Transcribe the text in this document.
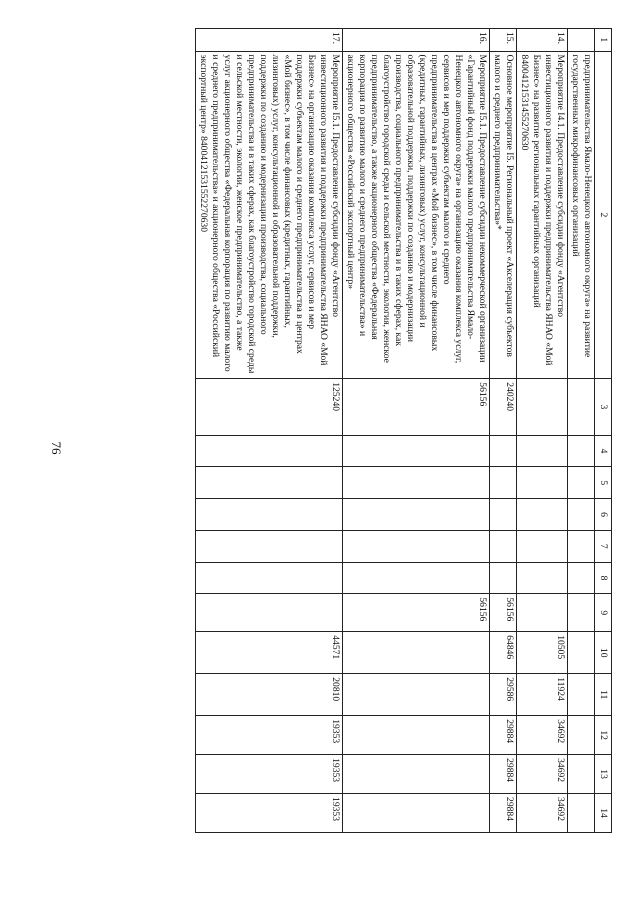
76
1	2	3	4	5	6	7	8	9	10	11	12	13	14
	предпринимательства Ямало-Ненецкого автономного округа» на развитие государственных микрофинансовых организаций												
14.	Мероприятие I4.1. Предоставление субсидии фонду «Агентство инвестиционного развития и поддержки предпринимательства ЯНАО «Мой Бизнес» на развитие региональных гарантийных организаций 84004121531455270630								10505	11924	34692	34692	34692
15.	Основное мероприятие I5. Региональный проект «Акселерация субъектов малого и среднего предпринимательства»*	240240						56156	64846	29586	29884	29884	29884
16.	Мероприятие I5.1. Предоставление субсидии некоммерческой организации «Гарантийный фонд поддержки малого предпринимательства Ямало-Ненецкого автономного округа» на организацию оказания комплекса услуг, сервисов и мер поддержки субъектам малого и среднего предпринимательства в центрах «Мой бизнес», в том числе финансовых (кредитных, гарантийных, лизинговых) услуг, консультационной и образовательной поддержки, поддержки по созданию и модернизации производства, социального предпринимательства и в таких сферах, как благоустройство городской среды и сельской местности, экология, женское предпринимательство, а также акционерного общества «Федеральная корпорация по развитию малого и среднего предпринимательства» и акционерного общества «Российский экспортный центр»	56156						56156					
17.	Мероприятие I5.1. Предоставление субсидии фонду «Агентство инвестиционного развития и поддержки предпринимательства ЯНАО «Мой Бизнес» на организацию оказания комплекса услуг, сервисов и мер поддержки субъектам малого и среднего предпринимательства в центрах «Мой бизнес», в том числе финансовых (кредитных, гарантийных, лизинговых) услуг, консультационной и образовательной поддержки, поддержки по созданию и модернизации производства, социального предпринимательства и в таких сферах, как благоустройство городской среды и сельской местности, экологии, женское предпринимательство, а также услуг акционерного общества «Федеральная корпорация по развитию малого и среднего предпринимательства» и акционерного общества «Российский экспортный центр» 84004121531552270630	125240							44571	20810	19353	19353	19353
